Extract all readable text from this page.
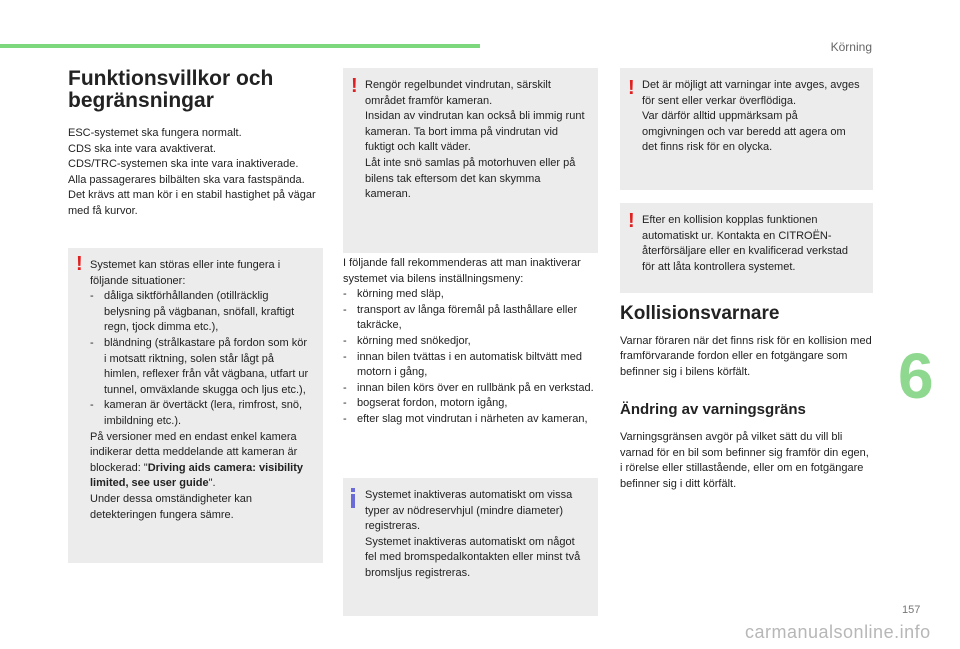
Körning
Funktionsvillkor och begränsningar

ESC-systemet ska fungera normalt.
CDS ska inte vara avaktiverat.
CDS/TRC-systemen ska inte vara inaktiverade.
Alla passagerares bilbälten ska vara fastspända.
Det krävs att man kör i en stabil hastighet på vägar med få kurvor.

! Systemet kan störas eller inte fungera i följande situationer:

- dåliga siktförhållanden (otillräcklig belysning på vägbanan, snöfall, kraftigt regn, tjock dimma etc.),
- bländning (strålkastare på fordon som kör i motsatt riktning, solen står lågt på himlen, reflexer från våt vägbana, utfart ur tunnel, omväxlande skugga och ljus etc.),
- kameran är övertäckt (lera, rimfrost, snö, imbildning etc.).

På versioner med en endast enkel kamera indikerar detta meddelande att kameran är blockerad: "Driving aids camera: visibility limited, see user guide".

Under dessa omständigheter kan detekteringen fungera sämre.

! Rengör regelbundet vindrutan, särskilt området framför kameran.
Insidan av vindrutan kan också bli immig runt kameran. Ta bort imma på vindrutan vid fuktigt och kallt väder.
Låt inte snö samlas på motorhuven eller på bilens tak eftersom det kan skymma kameran.

I följande fall rekommenderas att man inaktiverar systemet via bilens inställningsmeny:

- körning med släp,
- transport av långa föremål på lasthållare eller takräcke,
- körning med snökedjor,
- innan bilen tvättas i en automatisk biltvätt med motorn i gång,
- innan bilen körs över en rullbänk på en verkstad.
- bogserat fordon, motorn igång,
- efter slag mot vindrutan i närheten av kameran,

Systemet inaktiveras automatiskt om vissa typer av nödreservhjul (mindre diameter) registreras.
Systemet inaktiveras automatiskt om något fel med bromspedalkontakten eller minst två bromsljus registreras.

! Det är möjligt att varningar inte avges, avges för sent eller verkar överflödiga.
Var därför alltid uppmärksam på omgivningen och var beredd att agera om det finns risk för en olycka.

! Efter en kollision kopplas funktionen automatiskt ur. Kontakta en CITROËN-återförsäljare eller en kvalificerad verkstad för att låta kontrollera systemet.

Kollisionsvarnare

Varnar föraren när det finns risk för en kollision med framförvarande fordon eller en fotgängare som befinner sig i bilens körfält.

Ändring av varningsgräns

Varningsgränsen avgör på vilket sätt du vill bli varnad för en bil som befinner sig framför din egen, i rörelse eller stillastående, eller om en fotgängare befinner sig i ditt körfält.

6
157
carmanualsonline.info
